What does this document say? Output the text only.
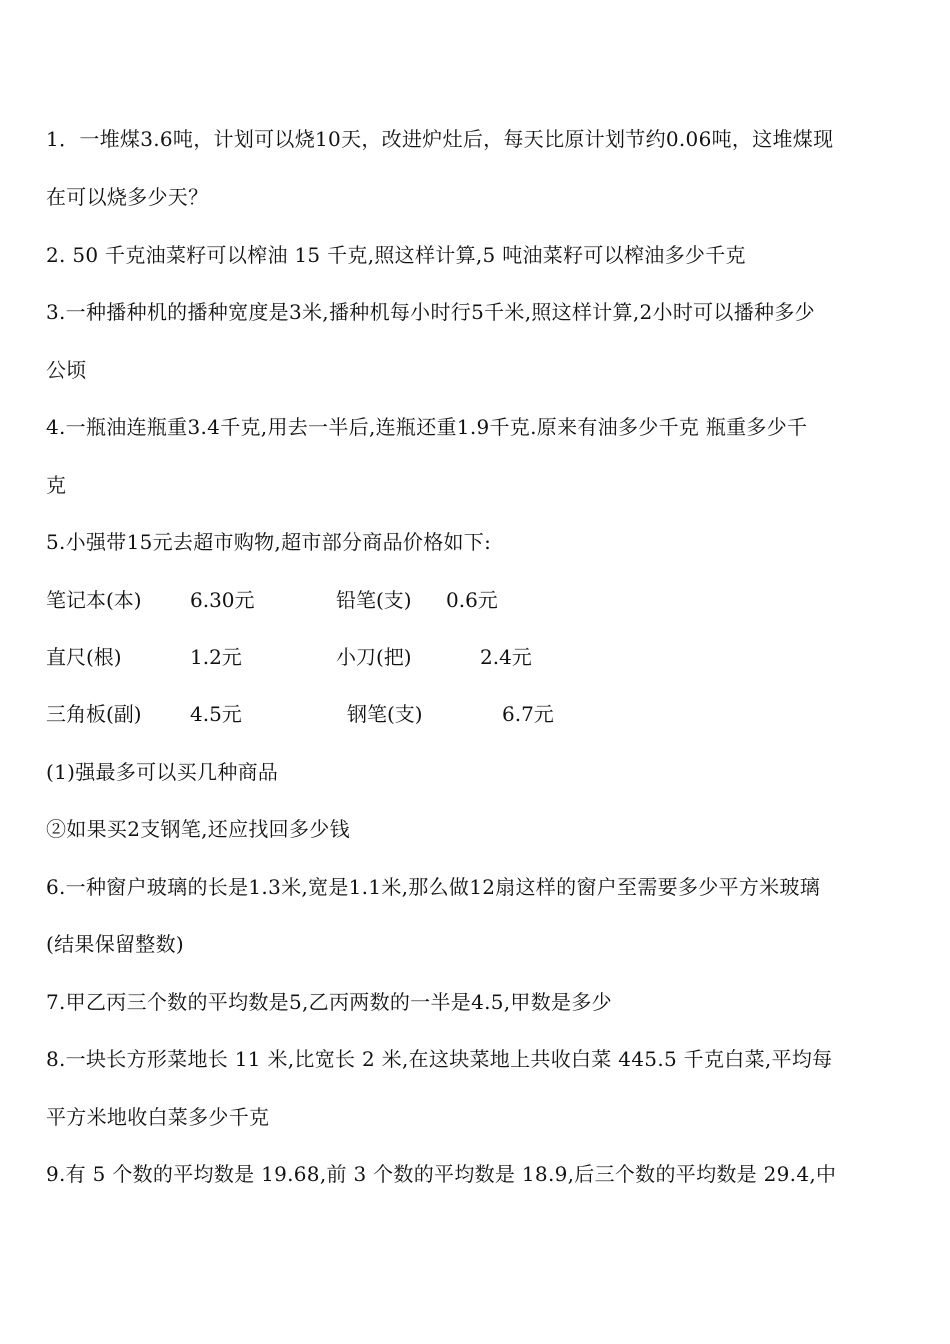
1．一堆煤3.6吨，计划可以烧10天，改进炉灶后，每天比原计划节约0.06吨，这堆煤现
在可以烧多少天？
2. 50 千克油菜籽可以榨油 15 千克,照这样计算,5 吨油菜籽可以榨油多少千克
3.一种播种机的播种宽度是3米,播种机每小时行5千米,照这样计算,2小时可以播种多少
公顷
4.一瓶油连瓶重3.4千克,用去一半后,连瓶还重1.9千克.原来有油多少千克 瓶重多少千
克
5.小强带15元去超市购物,超市部分商品价格如下:
笔记本(本) 6.30元	铅笔(支) 0.6元
直尺(根)	1.2元	小刀(把)	2.4元
三角板(副) 4.5元	钢笔(支)	6.7元
(1)强最多可以买几种商品
②如果买2支钢笔,还应找回多少钱
6.一种窗户玻璃的长是1.3米,宽是1.1米,那么做12扇这样的窗户至需要多少平方米玻璃
(结果保留整数)
7.甲乙丙三个数的平均数是5,乙丙两数的一半是4.5,甲数是多少
8.一块长方形菜地长 11 米,比宽长 2 米,在这块菜地上共收白菜 445.5 千克白菜,平均每
平方米地收白菜多少千克
9.有 5 个数的平均数是 19.68,前 3 个数的平均数是 18.9,后三个数的平均数是 29.4,中
